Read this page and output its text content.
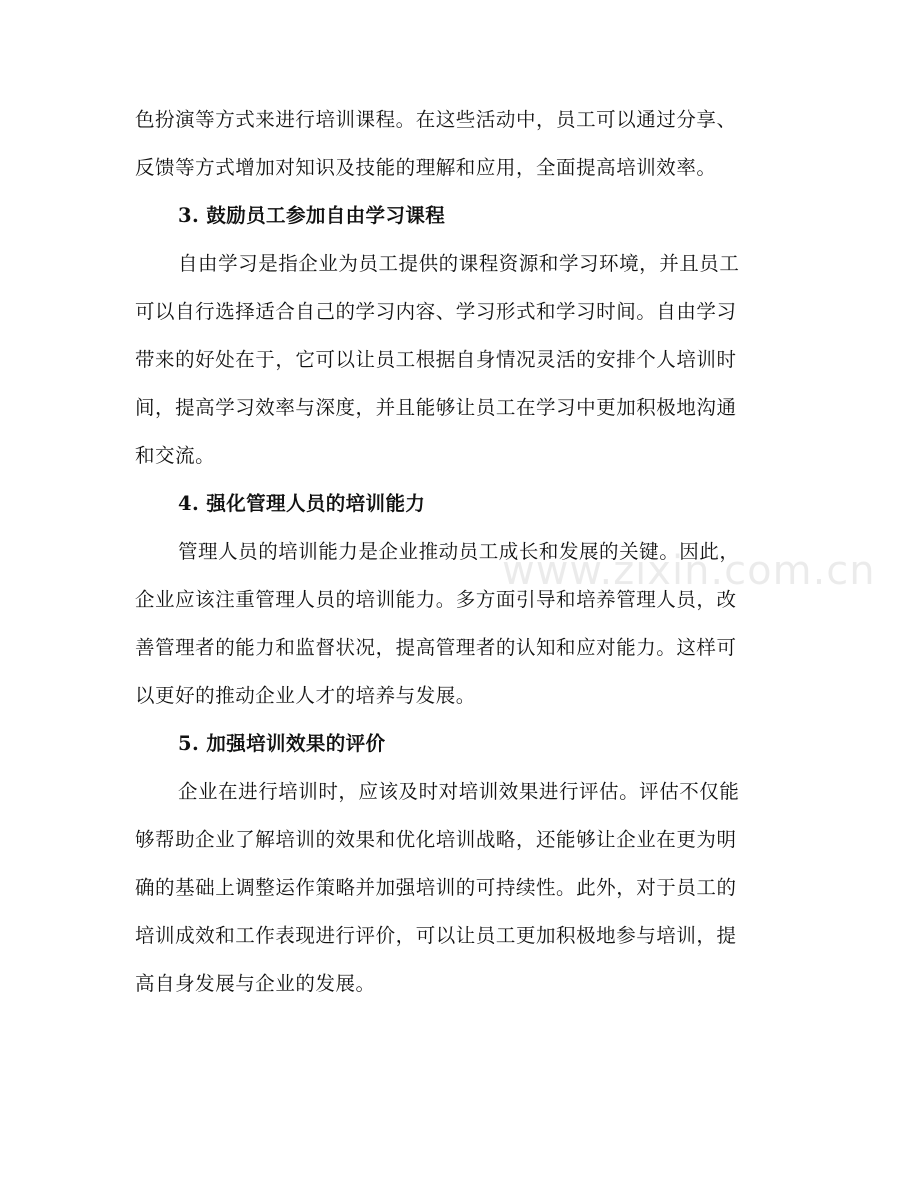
www.zixin.com.cn
色扮演等方式来进行培训课程。在这些活动中，员工可以通过分享、
反馈等方式增加对知识及技能的理解和应用，全面提高培训效率。
3. 鼓励员工参加自由学习课程
自由学习是指企业为员工提供的课程资源和学习环境，并且员工
可以自行选择适合自己的学习内容、学习形式和学习时间。自由学习
带来的好处在于，它可以让员工根据自身情况灵活的安排个人培训时
间，提高学习效率与深度，并且能够让员工在学习中更加积极地沟通
和交流。
4. 强化管理人员的培训能力
管理人员的培训能力是企业推动员工成长和发展的关键。因此，
企业应该注重管理人员的培训能力。多方面引导和培养管理人员，改
善管理者的能力和监督状况，提高管理者的认知和应对能力。这样可
以更好的推动企业人才的培养与发展。
5. 加强培训效果的评价
企业在进行培训时，应该及时对培训效果进行评估。评估不仅能
够帮助企业了解培训的效果和优化培训战略，还能够让企业在更为明
确的基础上调整运作策略并加强培训的可持续性。此外，对于员工的
培训成效和工作表现进行评价，可以让员工更加积极地参与培训，提
高自身发展与企业的发展。
